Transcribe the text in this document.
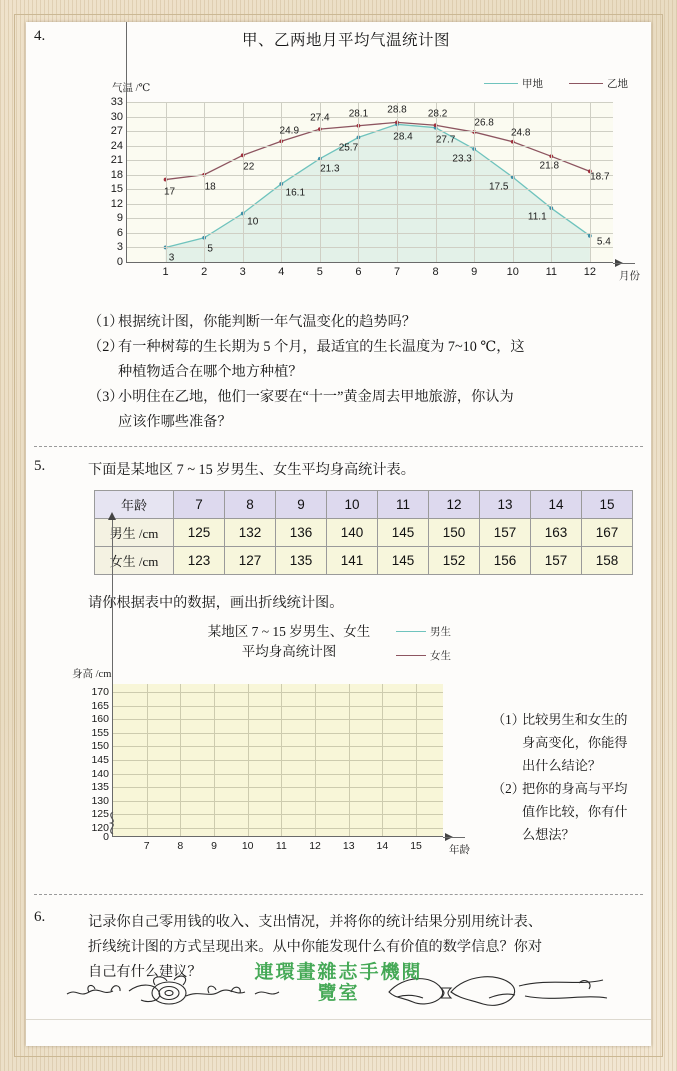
4.	甲、乙两地月平均气温统计图
气温 /℃	甲地	乙地
月份
0
3
6
9
12
15
18
21
24
27
30
33
1	2	3	4	5	6	7	8	9	10 11 12
3
5
10
16.1
21.3
25.7
28.4 27.7
23.3
17.5
11.1
5.4
17	18
22
24.9
27.4 28.1 28.8 28.2
26.8
24.8
21.8
18.7
（1）
根据统计图，你能判断一年气温变化的趋势吗？
（2）
有一种树莓的生长期为 5 个月，最适宜的生长温度为 7~10 ℃，这
种植物适合在哪个地方种植？
（3）
小明住在乙地，他们一家要在“十一”黄金周去甲地旅游，你认为
应该作哪些准备？
5.	下面是某地区 7 ~ 15 岁男生、女生平均身高统计表。
年龄	7	8	9	10	11	12	13	14	15
男生 /cm	125	132	136	140	145	150	157	163	167
女生 /cm	123	127	135	141	145	152	156	157	158
请你根据表中的数据，画出折线统计图。
某地区 7 ~ 15 岁男生、女生
平均身高统计图
男生
女生
身高 /cm
年龄
120
125
130
135
140
145
150
155
160
165
170
0
7	8	9 10 11 12 13 14 15
（1）
比较男生和女生的
身高变化，你能得
出什么结论？
（2）
把你的身高与平均
值作比较，你有什
么想法？
6.	记录你自己零用钱的收入、支出情况，并将你的统计结果分别用统计表、
折线统计图的方式呈现出来。从中你能发现什么有价值的数学信息？你对
自己有什么建议？	連環畫雜志手機閱
覽室
